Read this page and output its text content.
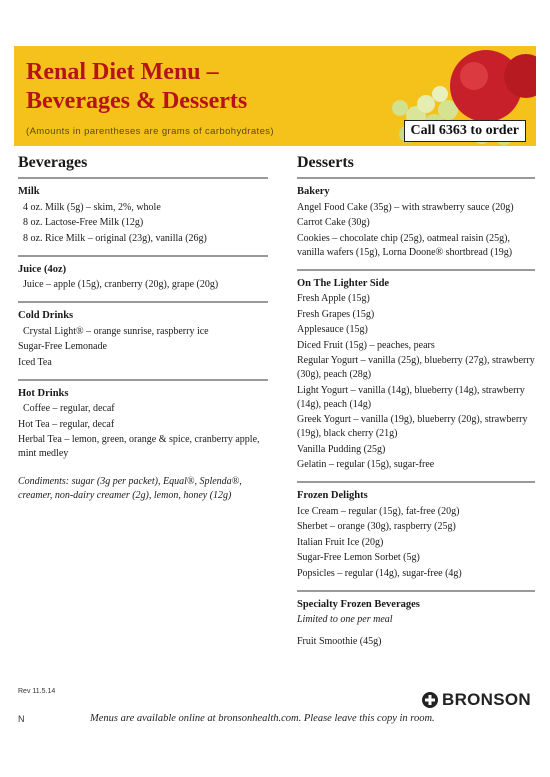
Renal Diet Menu –
Beverages & Desserts
(Amounts in parentheses are grams of carbohydrates)	Call 6363 to order
Beverages
Milk
4 oz. Milk (5g) – skim, 2%, whole
8 oz. Lactose-Free Milk (12g)
8 oz. Rice Milk – original (23g), vanilla (26g)
Juice (4oz)
Juice – apple (15g), cranberry (20g), grape (20g)
Cold Drinks
Crystal Light® – orange sunrise, raspberry ice
Sugar-Free Lemonade
Iced Tea
Hot Drinks
Coffee – regular, decaf
Hot Tea – regular, decaf
Herbal Tea – lemon, green, orange & spice, cranberry apple, mint medley
Condiments: sugar (3g per packet), Equal®, Splenda®, creamer, non-dairy creamer (2g), lemon, honey (12g)
Desserts
Bakery
Angel Food Cake (35g) – with strawberry sauce (20g)
Carrot Cake (30g)
Cookies – chocolate chip (25g), oatmeal raisin (25g), vanilla wafers (15g), Lorna Doone® shortbread (19g)
On The Lighter Side
Fresh Apple (15g)
Fresh Grapes (15g)
Applesauce (15g)
Diced Fruit (15g) – peaches, pears
Regular Yogurt – vanilla (25g), blueberry (27g), strawberry (30g), peach (28g)
Light Yogurt – vanilla (14g), blueberry (14g), strawberry (14g), peach (14g)
Greek Yogurt – vanilla (19g), blueberry (20g), strawberry (19g), black cherry (21g)
Vanilla Pudding (25g)
Gelatin – regular (15g), sugar-free
Frozen Delights
Ice Cream – regular (15g), fat-free (20g)
Sherbet – orange (30g), raspberry (25g)
Italian Fruit Ice (20g)
Sugar-Free Lemon Sorbet (5g)
Popsicles – regular (14g), sugar-free (4g)
Specialty Frozen Beverages
Limited to one per meal
Fruit Smoothie (45g)
Rev 11.5.14
N	Menus are available online at bronsonhealth.com. Please leave this copy in room.
BRONSON
